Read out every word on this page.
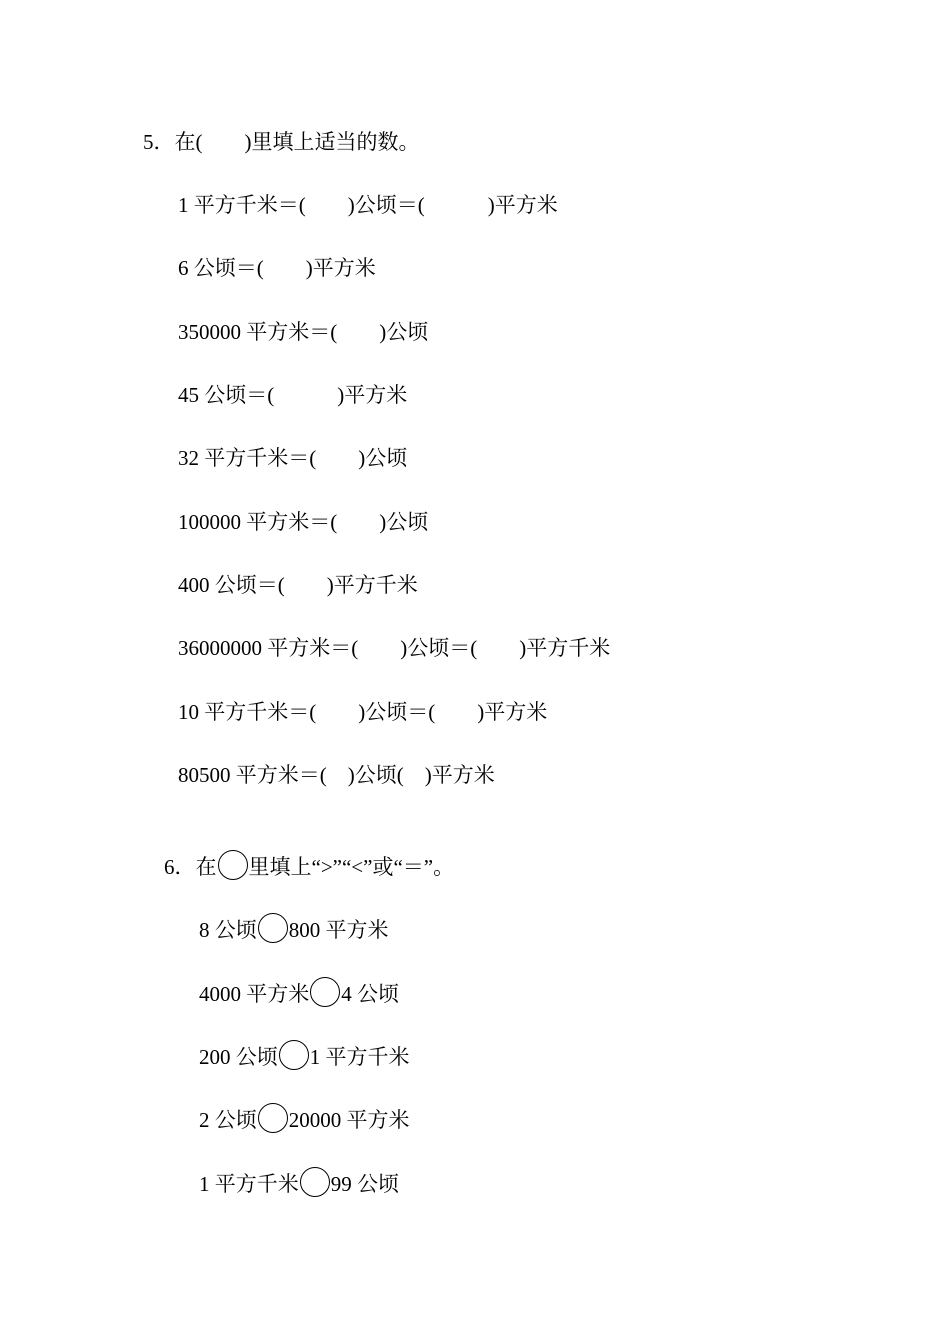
5．在(　　)里填上适当的数。
1 平方千米＝(　　)公顷＝(　　　)平方米
6 公顷＝(　　)平方米
350000 平方米＝(　　)公顷
45 公顷＝(　　　)平方米
32 平方千米＝(　　)公顷
100000 平方米＝(　　)公顷
400 公顷＝(　　)平方千米
36000000 平方米＝(　　)公顷＝(　　)平方千米
10 平方千米＝(　　)公顷＝(　　)平方米
80500 平方米＝(　)公顷(　)平方米

6．在 里填上“>”“<”或“＝”。

8 公顷 800 平方米

4000 平方米 4 公顷

200 公顷 1 平方千米

2 公顷 20000 平方米

1 平方千米 99 公顷
